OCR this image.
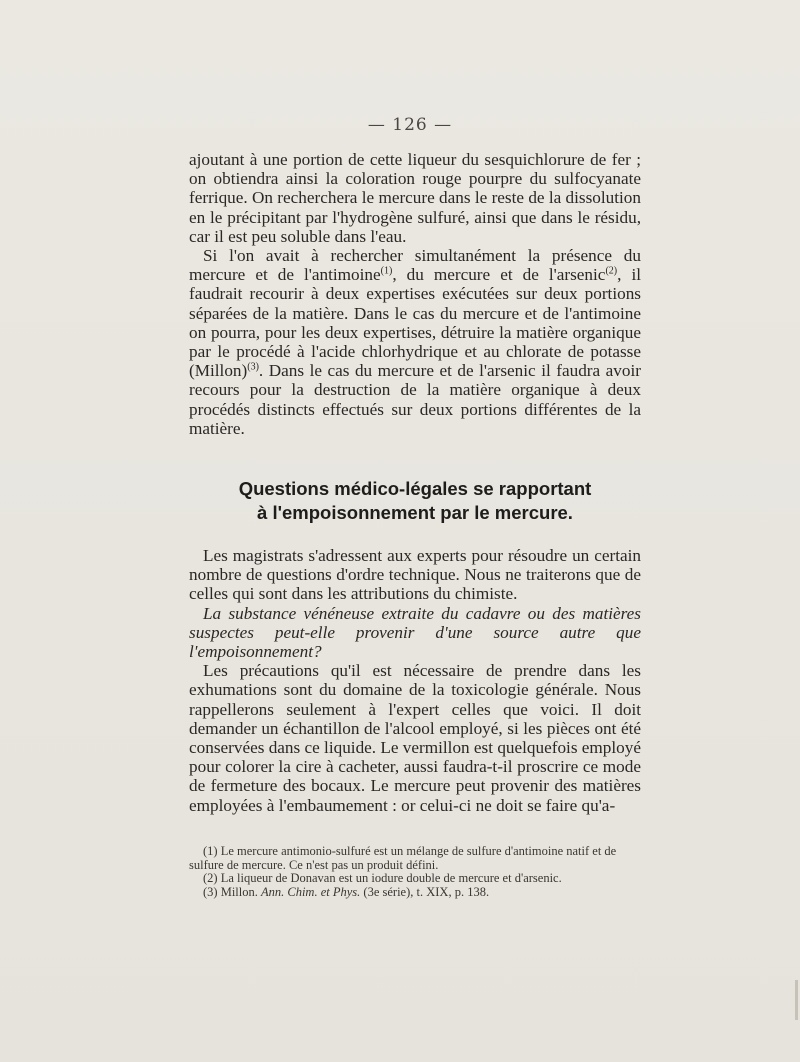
— 126 —

ajoutant à une portion de cette liqueur du sesquichlorure de fer ; on obtiendra ainsi la coloration rouge pourpre du sulfocyanate ferrique. On recherchera le mercure dans le reste de la dissolution en le précipitant par l'hydrogène sulfuré, ainsi que dans le résidu, car il est peu soluble dans l'eau.

Si l'on avait à rechercher simultanément la présence du mercure et de l'antimoine$^{(1)}$, du mercure et de l'arsenic$^{(2)}$, il faudrait recourir à deux expertises exécutées sur deux portions séparées de la matière. Dans le cas du mercure et de l'antimoine on pourra, pour les deux expertises, détruire la matière organique par le procédé à l'acide chlorhydrique et au chlorate de potasse (Millon)$^{(3)}$. Dans le cas du mercure et de l'arsenic il faudra avoir recours pour la destruction de la matière organique à deux procédés distincts effectués sur deux portions différentes de la matière.

Questions médico-légales se rapportant
à l'empoisonnement par le mercure.

Les magistrats s'adressent aux experts pour résoudre un certain nombre de questions d'ordre technique. Nous ne traiterons que de celles qui sont dans les attributions du chimiste.

La substance vénéneuse extraite du cadavre ou des matières suspectes peut-elle provenir d'une source autre que l'empoisonnement?

Les précautions qu'il est nécessaire de prendre dans les exhumations sont du domaine de la toxicologie générale. Nous rappellerons seulement à l'expert celles que voici. Il doit demander un échantillon de l'alcool employé, si les pièces ont été conservées dans ce liquide. Le vermillon est quelquefois employé pour colorer la cire à cacheter, aussi faudra-t-il proscrire ce mode de fermeture des bocaux. Le mercure peut provenir des matières employées à l'embaumement : or celui-ci ne doit se faire qu'a-

(1) Le mercure antimonio-sulfuré est un mélange de sulfure d'antimoine natif et de sulfure de mercure. Ce n'est pas un produit défini.
(2) La liqueur de Donavan est un iodure double de mercure et d'arsenic.
(3) Millon. Ann. Chim. et Phys. (3e série), t. XIX, p. 138.
